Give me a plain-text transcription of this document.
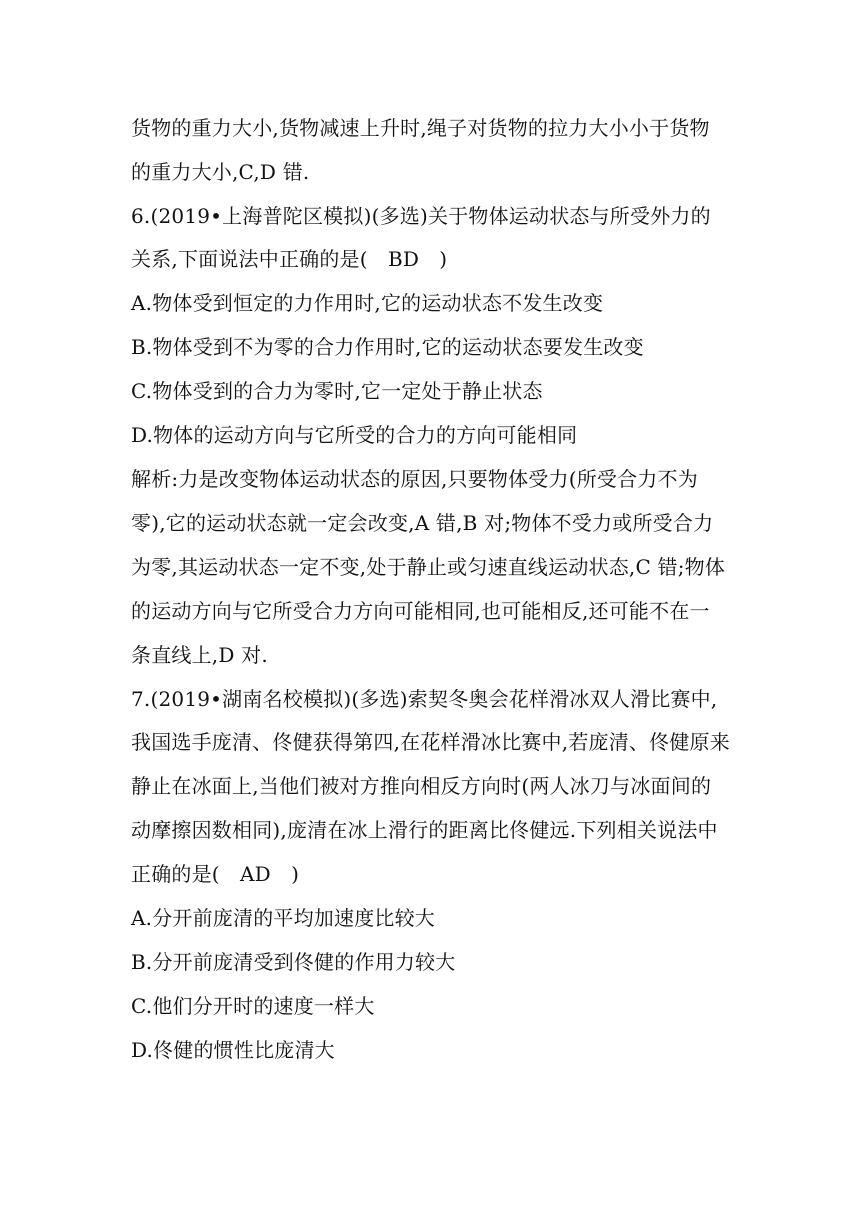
货物的重力大小,货物减速上升时,绳子对货物的拉力大小小于货物
的重力大小,C,D 错.
6.(2019•上海普陀区模拟)(多选)关于物体运动状态与所受外力的
关系,下面说法中正确的是(　BD　)
A.物体受到恒定的力作用时,它的运动状态不发生改变
B.物体受到不为零的合力作用时,它的运动状态要发生改变
C.物体受到的合力为零时,它一定处于静止状态
D.物体的运动方向与它所受的合力的方向可能相同
解析:力是改变物体运动状态的原因,只要物体受力(所受合力不为
零),它的运动状态就一定会改变,A 错,B 对;物体不受力或所受合力
为零,其运动状态一定不变,处于静止或匀速直线运动状态,C 错;物体
的运动方向与它所受合力方向可能相同,也可能相反,还可能不在一
条直线上,D 对.
7.(2019•湖南名校模拟)(多选)索契冬奥会花样滑冰双人滑比赛中,
我国选手庞清、佟健获得第四,在花样滑冰比赛中,若庞清、佟健原来
静止在冰面上,当他们被对方推向相反方向时(两人冰刀与冰面间的
动摩擦因数相同),庞清在冰上滑行的距离比佟健远.下列相关说法中
正确的是(　AD　)
A.分开前庞清的平均加速度比较大
B.分开前庞清受到佟健的作用力较大
C.他们分开时的速度一样大
D.佟健的惯性比庞清大
